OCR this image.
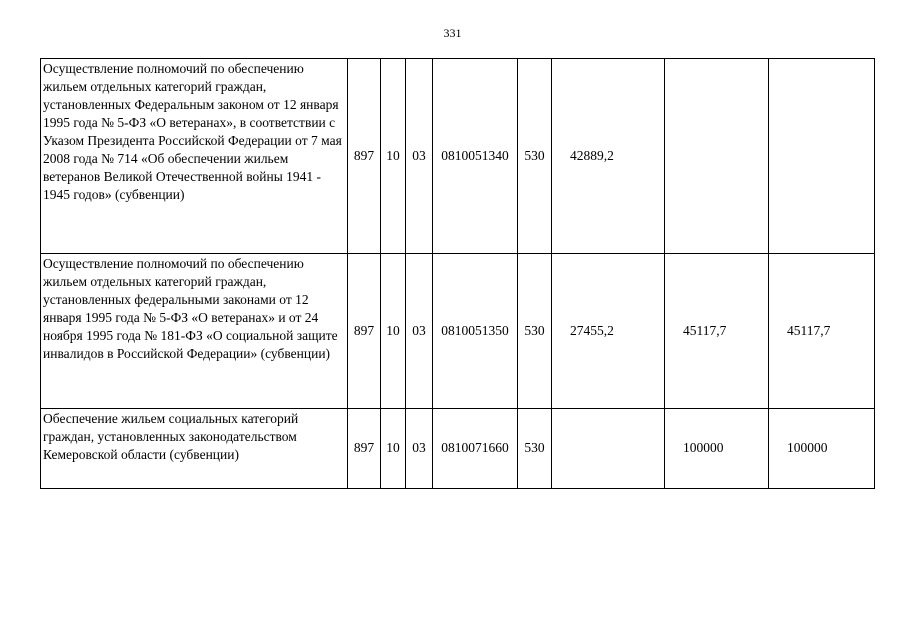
331
Осуществление полномочий по обеспечению жильем отдельных категорий граждан, установленных Федеральным законом от 12 января 1995 года № 5-ФЗ «О ветеранах», в соответствии с Указом Президента Российской Федерации от 7 мая 2008 года № 714 «Об обеспечении жильем ветеранов Великой Отечественной войны 1941 - 1945 годов» (субвенции)	897	10	03	0810051340	530	42889,2		
Осуществление полномочий по обеспечению жильем отдельных категорий граждан, установленных федеральными законами от 12 января 1995 года № 5-ФЗ «О ветеранах» и от 24 ноября 1995 года № 181-ФЗ «О социальной защите инвалидов в Российской Федерации» (субвенции)	897	10	03	0810051350	530	27455,2	45117,7	45117,7
Обеспечение жильем социальных категорий граждан, установленных законодательством Кемеровской области (субвенции)	897	10	03	0810071660	530		100000	100000
